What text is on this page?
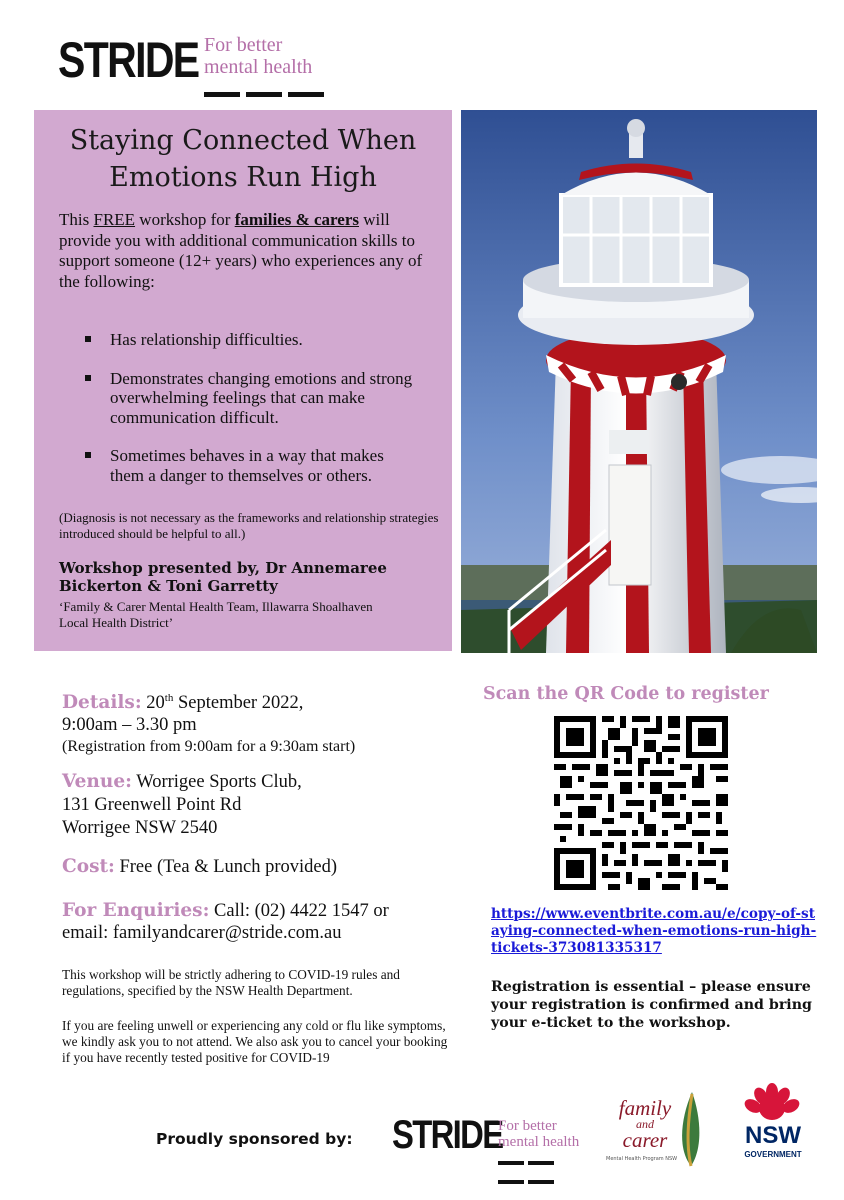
STRIDE For better
mental health
Staying Connected When
Emotions Run High
This FREE workshop for families & carers will provide you with additional communication skills to support someone (12+ years) who experiences any of the following:
Has relationship difficulties.
Demonstrates changing emotions and strong overwhelming feelings that can make communication difficult.
Sometimes behaves in a way that makes them a danger to themselves or others.
(Diagnosis is not necessary as the frameworks and relationship strategies introduced should be helpful to all.)
Workshop presented by, Dr Annemaree Bickerton & Toni Garretty
‘Family & Carer Mental Health Team, Illawarra Shoalhaven Local Health District’
Details: 20th September 2022,
9:00am – 3.30 pm
(Registration from 9:00am for a 9:30am start)
Venue: Worrigee Sports Club,
131 Greenwell Point Rd
Worrigee NSW 2540
Cost: Free (Tea & Lunch provided)
For Enquiries: Call: (02) 4422 1547 or
email: familyandcarer@stride.com.au
This workshop will be strictly adhering to COVID-19 rules and regulations, specified by the NSW Health Department.
If you are feeling unwell or experiencing any cold or flu like symptoms, we kindly ask you to not attend. We also ask you to cancel your booking if you have recently tested positive for COVID-19
Scan the QR Code to register
https://www.eventbrite.com.au/e/copy-of-staying-connected-when-emotions-run-high-tickets-373081335317
Registration is essential – please ensure your registration is confirmed and bring your e-ticket to the workshop.
Proudly sponsored by: STRIDE
For better
mental health
family
and
carer
Mental Health Program NSW
NSW
GOVERNMENT
